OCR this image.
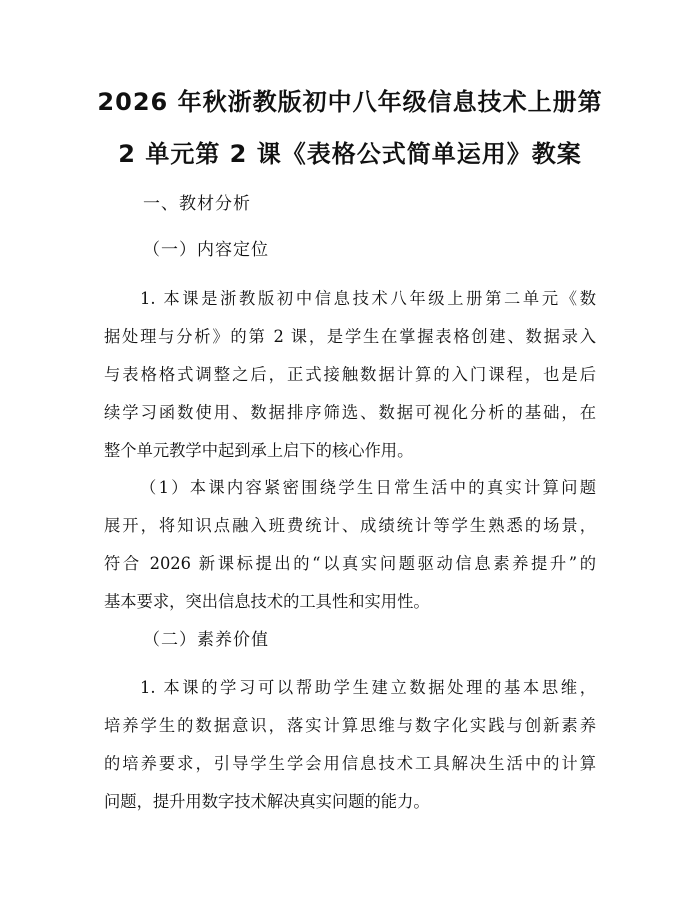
2026 年秋浙教版初中八年级信息技术上册第
2 单元第 2 课《表格公式简单运用》教案
一、教材分析
（一）内容定位
1. 本课是浙教版初中信息技术八年级上册第二单元《数
据处理与分析》的第 2 课，是学生在掌握表格创建、数据录入
与表格格式调整之后，正式接触数据计算的入门课程，也是后
续学习函数使用、数据排序筛选、数据可视化分析的基础，在
整个单元教学中起到承上启下的核心作用。
（1）本课内容紧密围绕学生日常生活中的真实计算问题
展开，将知识点融入班费统计、成绩统计等学生熟悉的场景，
符合 2026 新课标提出的“以真实问题驱动信息素养提升”的
基本要求，突出信息技术的工具性和实用性。
（二）素养价值
1. 本课的学习可以帮助学生建立数据处理的基本思维，
培养学生的数据意识，落实计算思维与数字化实践与创新素养
的培养要求，引导学生学会用信息技术工具解决生活中的计算
问题，提升用数字技术解决真实问题的能力。
